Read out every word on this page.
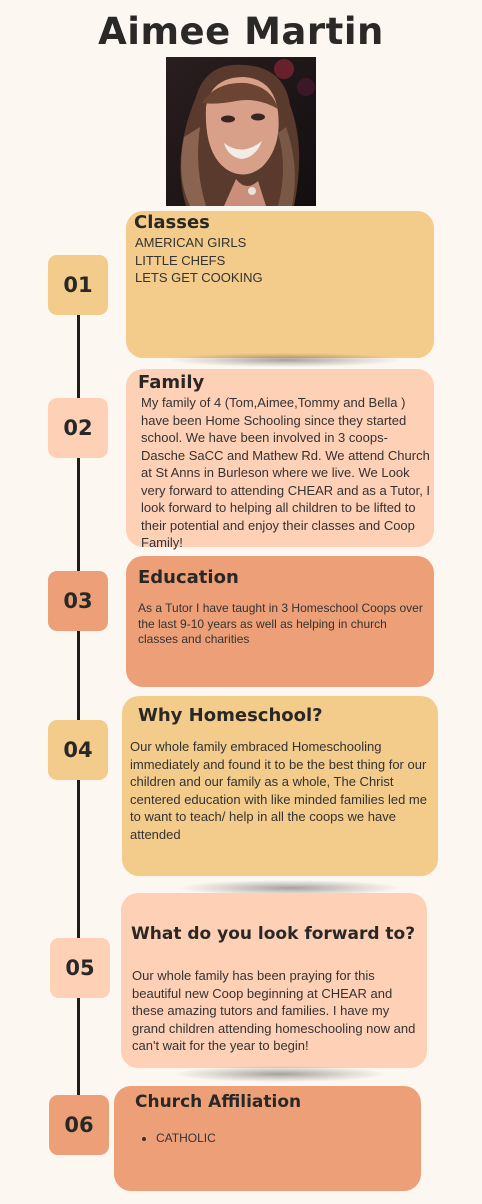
Aimee Martin
01
Classes
AMERICAN GIRLS
LITTLE CHEFS
LETS GET COOKING
02
Family
My family of 4 (Tom,Aimee,Tommy and Bella ) have been Home Schooling since they started school. We have been involved in 3 coops- Dasche SaCC and Mathew Rd. We attend Church at St Anns in Burleson where we live. We Look very forward to attending CHEAR and as a Tutor, I look forward to helping all children to be lifted to their potential and enjoy their classes and Coop Family!
03
Education
As a Tutor I have taught in 3 Homeschool Coops over the last 9-10 years as well as helping in church classes and charities
04
Why Homeschool?
Our whole family embraced Homeschooling immediately and found it to be the best thing for our children and our family as a whole, The Christ centered education with like minded families led me to want to teach/ help in all the coops we have attended
05
What do you look forward to?
Our whole family has been praying for this beautiful new Coop beginning at CHEAR and these amazing tutors and families. I have my grand children attending homeschooling now and can't wait for the year to begin!
06
Church Affiliation
• CATHOLIC
